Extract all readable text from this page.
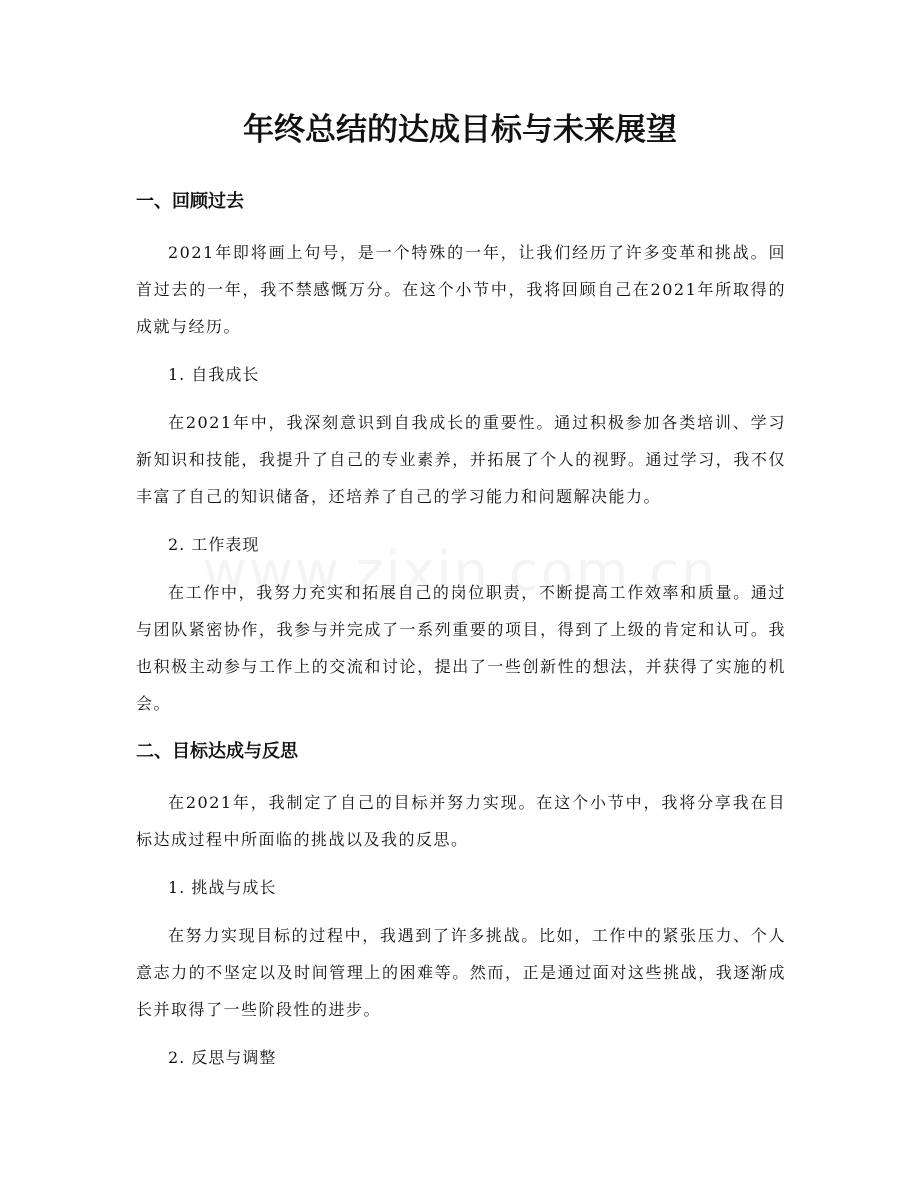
年终总结的达成目标与未来展望
一、回顾过去

2021年即将画上句号，是一个特殊的一年，让我们经历了许多变革和挑战。回首过去的一年，我不禁感慨万分。在这个小节中，我将回顾自己在2021年所取得的成就与经历。

1. 自我成长

在2021年中，我深刻意识到自我成长的重要性。通过积极参加各类培训、学习新知识和技能，我提升了自己的专业素养，并拓展了个人的视野。通过学习，我不仅丰富了自己的知识储备，还培养了自己的学习能力和问题解决能力。

2. 工作表现

在工作中，我努力充实和拓展自己的岗位职责，不断提高工作效率和质量。通过与团队紧密协作，我参与并完成了一系列重要的项目，得到了上级的肯定和认可。我也积极主动参与工作上的交流和讨论，提出了一些创新性的想法，并获得了实施的机会。

二、目标达成与反思

在2021年，我制定了自己的目标并努力实现。在这个小节中，我将分享我在目标达成过程中所面临的挑战以及我的反思。

1. 挑战与成长

在努力实现目标的过程中，我遇到了许多挑战。比如，工作中的紧张压力、个人意志力的不坚定以及时间管理上的困难等。然而，正是通过面对这些挑战，我逐渐成长并取得了一些阶段性的进步。

2. 反思与调整
